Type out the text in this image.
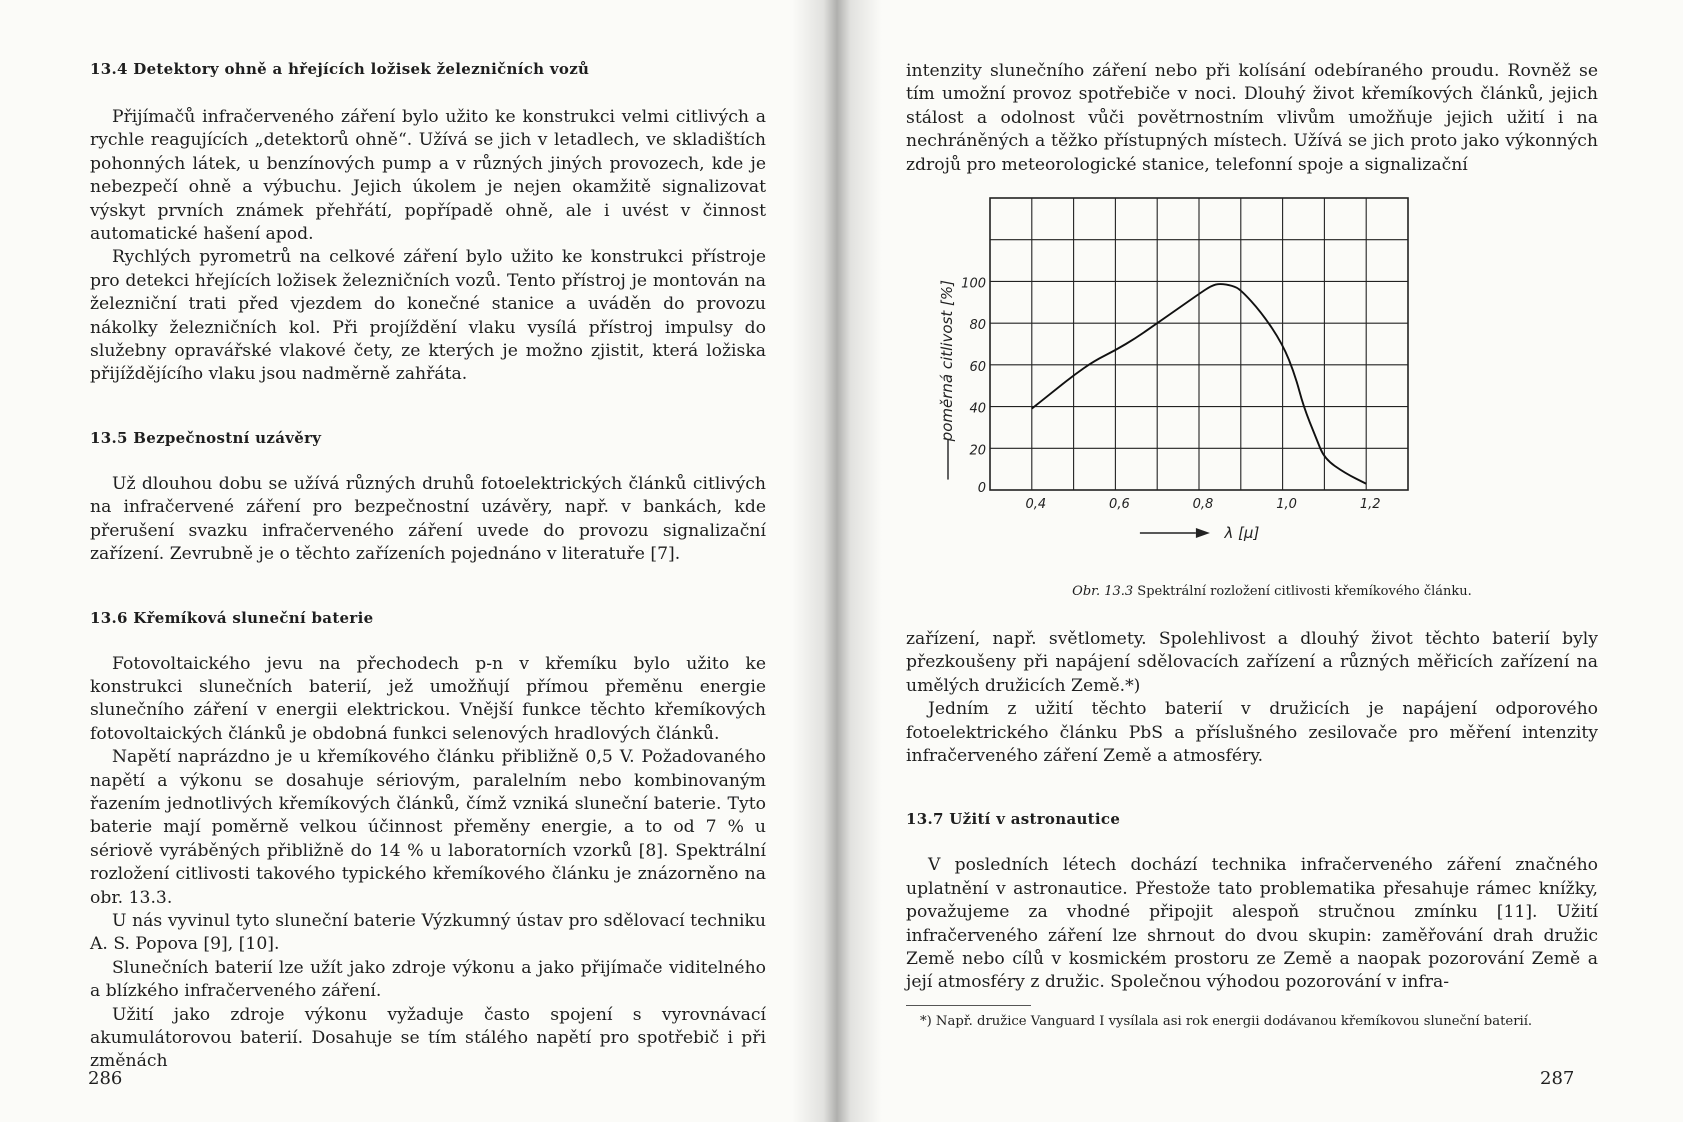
13.4 Detektory ohně a hřejících ložisek železničních vozů

Přijímačů infračerveného záření bylo užito ke konstrukci velmi citlivých a rychle reagujících „detektorů ohně“. Užívá se jich v letadlech, ve skladištích pohonných látek, u benzínových pump a v různých jiných provozech, kde je nebezpečí ohně a výbuchu. Jejich úkolem je nejen okamžitě signalizovat výskyt prvních známek přehřátí, popřípadě ohně, ale i uvést v činnost automatické hašení apod.

Rychlých pyrometrů na celkové záření bylo užito ke konstrukci přístroje pro detekci hřejících ložisek železničních vozů. Tento přístroj je montován na železniční trati před vjezdem do konečné stanice a uváděn do provozu nákolky železničních kol. Při projíždění vlaku vysílá přístroj impulsy do služebny opravářské vlakové čety, ze kterých je možno zjistit, která ložiska přijíždějícího vlaku jsou nadměrně zahřáta.

13.5 Bezpečnostní uzávěry

Už dlouhou dobu se užívá různých druhů fotoelektrických článků citlivých na infračervené záření pro bezpečnostní uzávěry, např. v bankách, kde přerušení svazku infračerveného záření uvede do provozu signalizační zařízení. Zevrubně je o těchto zařízeních pojednáno v literatuře [7].

13.6 Křemíková sluneční baterie

Fotovoltaického jevu na přechodech p-n v křemíku bylo užito ke konstrukci slunečních baterií, jež umožňují přímou přeměnu energie slunečního záření v energii elektrickou. Vnější funkce těchto křemíkových fotovoltaických článků je obdobná funkci selenových hradlových článků.

Napětí naprázdno je u křemíkového článku přibližně 0,5 V. Požadovaného napětí a výkonu se dosahuje sériovým, paralelním nebo kombinovaným řazením jednotlivých křemíkových článků, čímž vzniká sluneční baterie. Tyto baterie mají poměrně velkou účinnost přeměny energie, a to od 7 % u sériově vyráběných přibližně do 14 % u laboratorních vzorků [8]. Spektrální rozložení citlivosti takového typického křemíkového článku je znázorněno na obr. 13.3.

U nás vyvinul tyto sluneční baterie Výzkumný ústav pro sdělovací techniku A. S. Popova [9], [10].

Slunečních baterií lze užít jako zdroje výkonu a jako přijímače viditelného a blízkého infračerveného záření.

Užití jako zdroje výkonu vyžaduje často spojení s vyrovnávací akumulátorovou baterií. Dosahuje se tím stálého napětí pro spotřebič i při změnách

286

intenzity slunečního záření nebo při kolísání odebíraného proudu. Rovněž se tím umožní provoz spotřebiče v noci. Dlouhý život křemíkových článků, jejich stálost a odolnost vůči povětrnostním vlivům umožňuje jejich užití i na nechráněných a těžko přístupných místech. Užívá se jich proto jako výkonných zdrojů pro meteorologické stanice, telefonní spoje a signalizační

zařízení, např. světlomety. Spolehlivost a dlouhý život těchto baterií byly přezkoušeny při napájení sdělovacích zařízení a různých měřicích zařízení na umělých družicích Země.*)

Jedním z užití těchto baterií v družicích je napájení odporového fotoelektrického článku PbS a příslušného zesilovače pro měření intenzity infračerveného záření Země a atmosféry.

13.7 Užití v astronautice

V posledních létech dochází technika infračerveného záření značného uplatnění v astronautice. Přestože tato problematika přesahuje rámec knížky, považujeme za vhodné připojit alespoň stručnou zmínku [11]. Užití infračerveného záření lze shrnout do dvou skupin: zaměřování drah družic Země nebo cílů v kosmickém prostoru ze Země a naopak pozorování Země a její atmosféry z družic. Společnou výhodou pozorování v infra-

*) Např. družice Vanguard I vysílala asi rok energii dodávanou křemíkovou sluneční baterií.

287
0
20
40
60
80
100
0,4	0,6	0,8	1,0	1,2
poměrná citlivost [%]
λ [μ]
Obr. 13.3 Spektrální rozložení citlivosti křemíkového článku.
